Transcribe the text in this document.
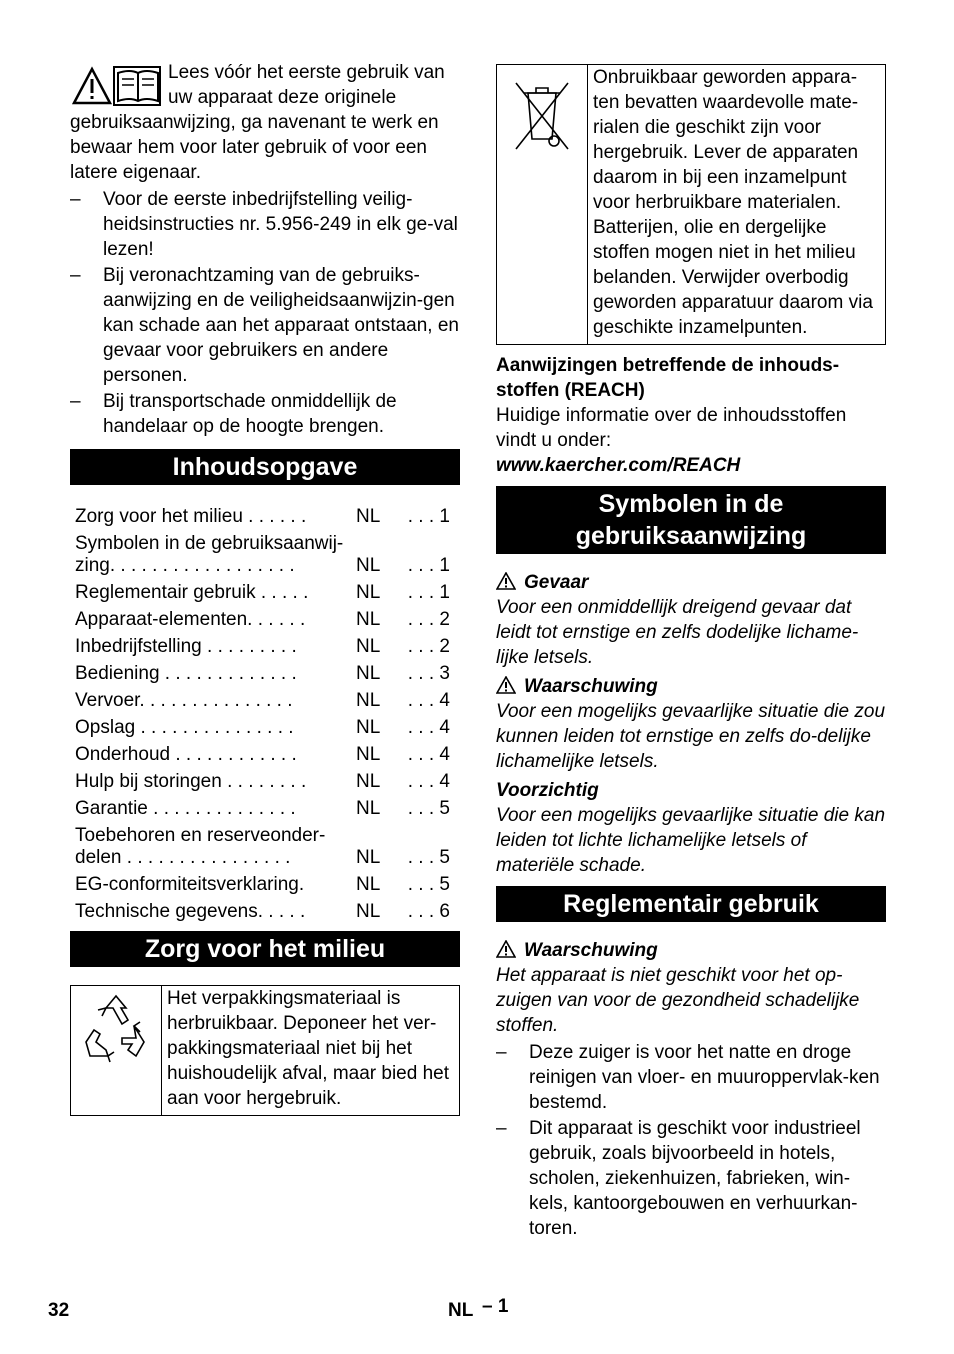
Lees vóór het eerste gebruik van uw apparaat deze originele gebruiksaanwijzing, ga navenant te werk en bewaar hem voor later gebruik of voor een latere eigenaar.

– Voor de eerste inbedrijfstelling veilig-heidsinstructies nr. 5.956-249 in elk ge-val lezen!
– Bij veronachtzaming van de gebruiks-aanwijzing en de veiligheidsaanwijzin-gen kan schade aan het apparaat ontstaan, en gevaar voor gebruikers en andere personen.
– Bij transportschade onmiddellijk de handelaar op de hoogte brengen.
Inhoudsopgave
Zorg voor het milieu . . . . . .	NL	. . . 1
Symbolen in de gebruiksaanwij-
zing. . . . . . . . . . . . . . . . . .	NL	. . . 1
Reglementair gebruik . . . . .	NL	. . . 1
Apparaat-elementen. . . . . .	NL	. . . 2
Inbedrijfstelling . . . . . . . . .	NL	. . . 2
Bediening . . . . . . . . . . . . .	NL	. . . 3
Vervoer. . . . . . . . . . . . . . .	NL	. . . 4
Opslag . . . . . . . . . . . . . . .	NL	. . . 4
Onderhoud . . . . . . . . . . . .	NL	. . . 4
Hulp bij storingen . . . . . . . .	NL	. . . 4
Garantie . . . . . . . . . . . . . .	NL	. . . 5
Toebehoren en reserveonder-
delen . . . . . . . . . . . . . . . .	NL	. . . 5
EG-conformiteitsverklaring.	NL	. . . 5
Technische gegevens. . . . .	NL	. . . 6
Zorg voor het milieu
Het verpakkingsmateriaal is herbruikbaar. Deponeer het ver-pakkingsmateriaal niet bij het huishoudelijk afval, maar bied het aan voor hergebruik.
Onbruikbaar geworden appara-ten bevatten waardevolle mate-rialen die geschikt zijn voor hergebruik. Lever de apparaten daarom in bij een inzamelpunt voor herbruikbare materialen. Batterijen, olie en dergelijke stoffen mogen niet in het milieu belanden. Verwijder overbodig geworden apparatuur daarom via geschikte inzamelpunten.

Aanwijzingen betreffende de inhouds-stoffen (REACH)

Huidige informatie over de inhoudsstoffen vindt u onder:

www.kaercher.com/REACH

Symbolen in de gebruiksaanwijzing

Gevaar

Voor een onmiddellijk dreigend gevaar dat leidt tot ernstige en zelfs dodelijke lichame-lijke letsels.

Waarschuwing

Voor een mogelijks gevaarlijke situatie die zou kunnen leiden tot ernstige en zelfs do-delijke lichamelijke letsels.

Voorzichtig

Voor een mogelijks gevaarlijke situatie die kan leiden tot lichte lichamelijke letsels of materiële schade.

Reglementair gebruik

Waarschuwing

Het apparaat is niet geschikt voor het op-zuigen van voor de gezondheid schadelijke stoffen.

– Deze zuiger is voor het natte en droge reinigen van vloer- en muuroppervlak-ken bestemd.
– Dit apparaat is geschikt voor industrieel gebruik, zoals bijvoorbeeld in hotels, scholen, ziekenhuizen, fabrieken, win-kels, kantoorgebouwen en verhuurkan-toren.
32	NL – 1
